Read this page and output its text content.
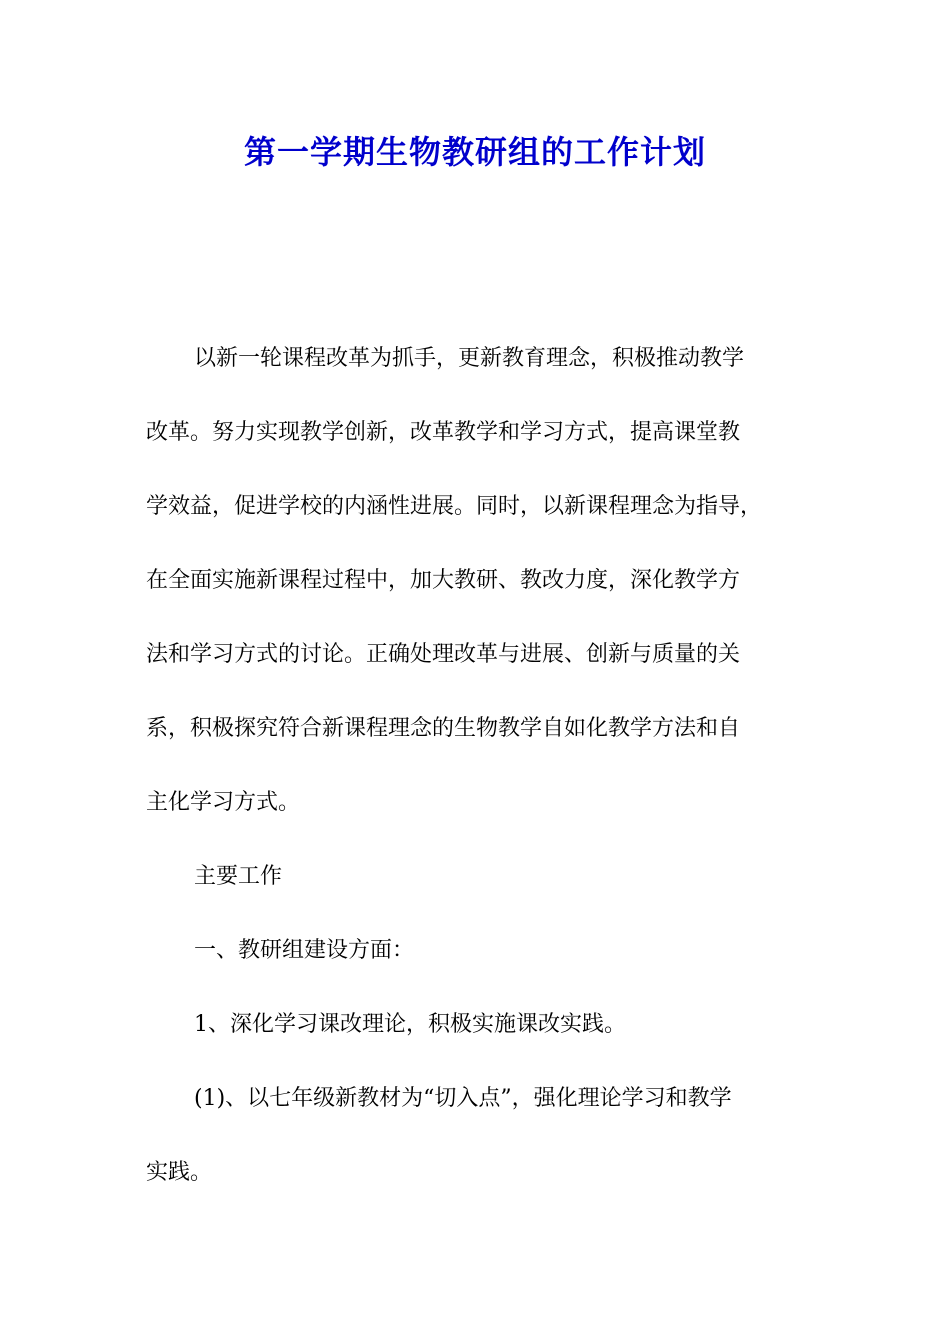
第一学期生物教研组的工作计划
以新一轮课程改革为抓手，更新教育理念，积极推动教学
改革。努力实现教学创新，改革教学和学习方式，提高课堂教
学效益，促进学校的内涵性进展。同时，以新课程理念为指导，
在全面实施新课程过程中，加大教研、教改力度，深化教学方
法和学习方式的讨论。正确处理改革与进展、创新与质量的关
系，积极探究符合新课程理念的生物教学自如化教学方法和自
主化学习方式。
主要工作
一、教研组建设方面：
1、深化学习课改理论，积极实施课改实践。
(1)、以七年级新教材为“切入点”，强化理论学习和教学
实践。
